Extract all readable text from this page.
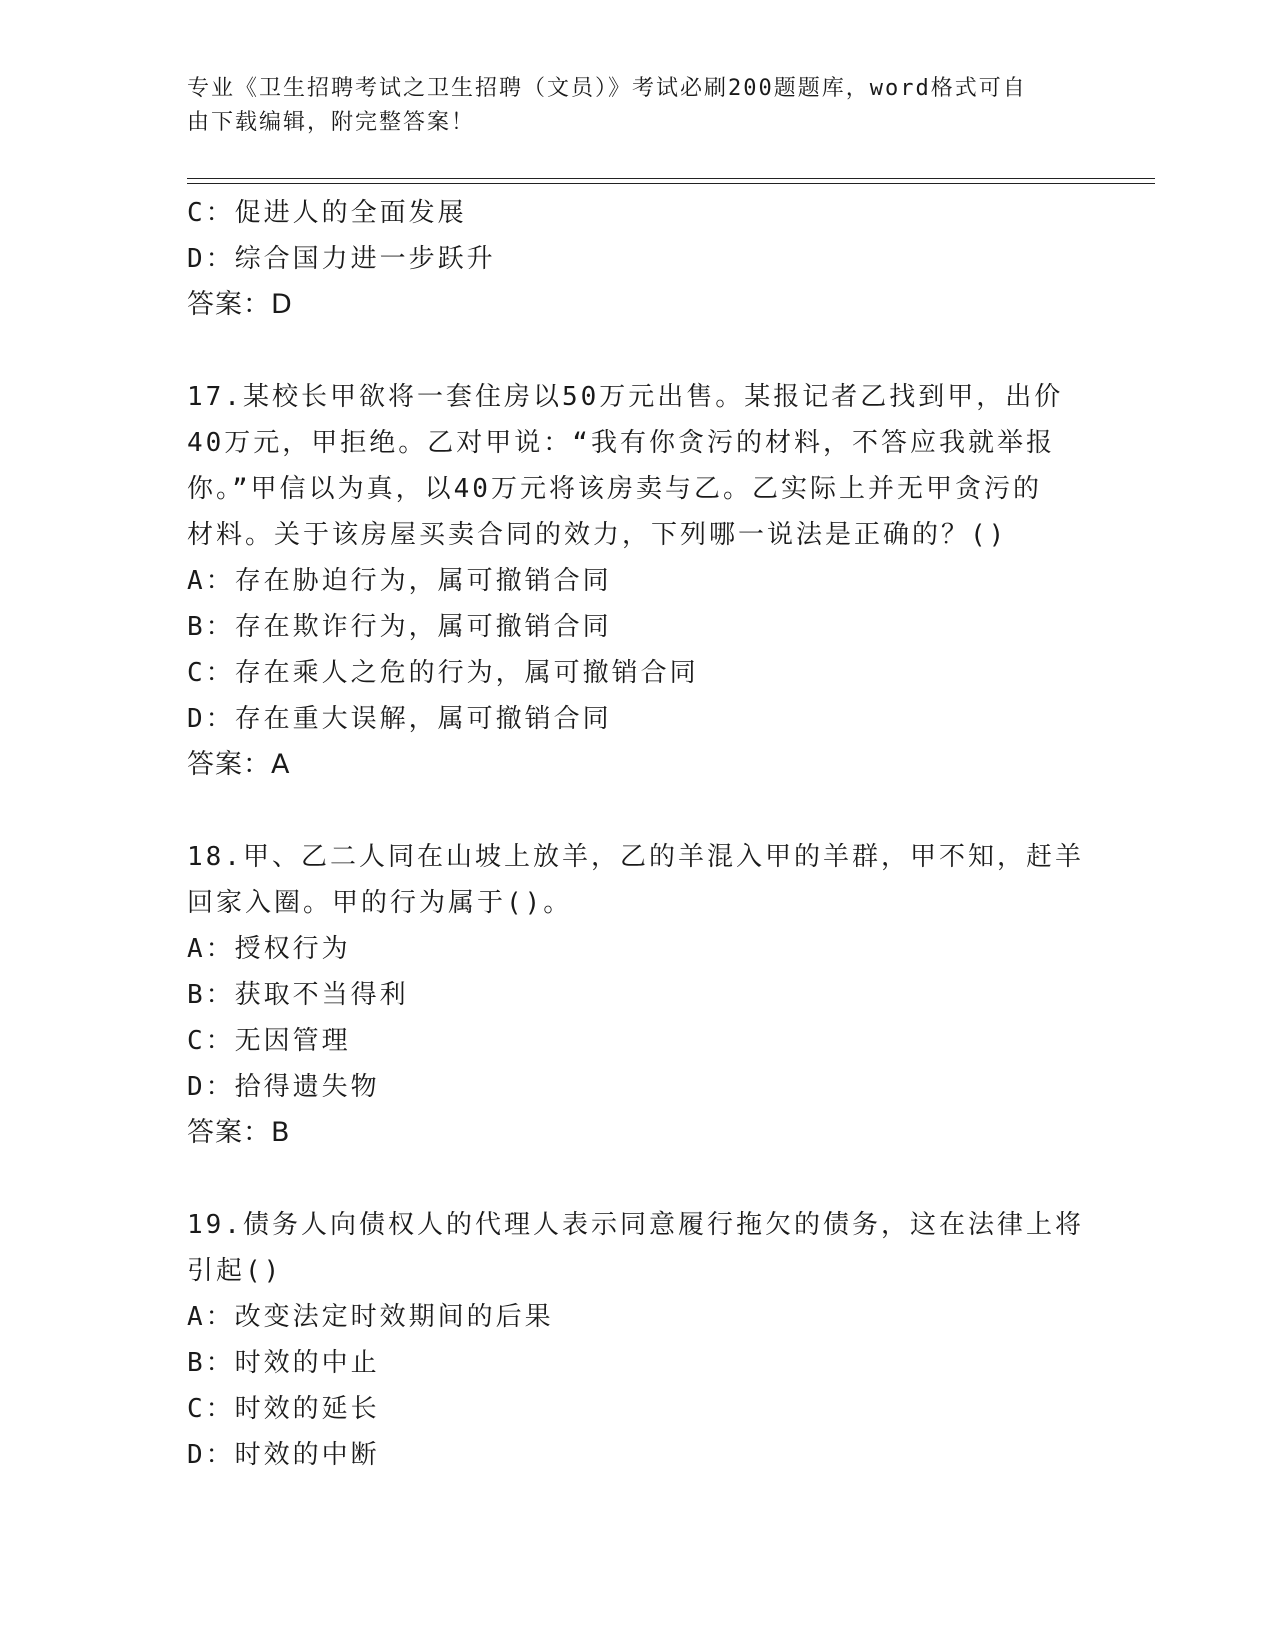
专业《卫生招聘考试之卫生招聘（文员）》考试必刷200题题库，word格式可自
由下载编辑，附完整答案！
C：促进人的全面发展
D：综合国力进一步跃升
答案：D
17.某校长甲欲将一套住房以50万元出售。某报记者乙找到甲，出价
40万元，甲拒绝。乙对甲说：“我有你贪污的材料，不答应我就举报
你。”甲信以为真，以40万元将该房卖与乙。乙实际上并无甲贪污的
材料。关于该房屋买卖合同的效力，下列哪一说法是正确的？()
A：存在胁迫行为，属可撤销合同
B：存在欺诈行为，属可撤销合同
C：存在乘人之危的行为，属可撤销合同
D：存在重大误解，属可撤销合同
答案：A
18.甲、乙二人同在山坡上放羊，乙的羊混入甲的羊群，甲不知，赶羊
回家入圈。甲的行为属于()。
A：授权行为
B：获取不当得利
C：无因管理
D：拾得遗失物
答案：B
19.债务人向债权人的代理人表示同意履行拖欠的债务，这在法律上将
引起()
A：改变法定时效期间的后果
B：时效的中止
C：时效的延长
D：时效的中断
